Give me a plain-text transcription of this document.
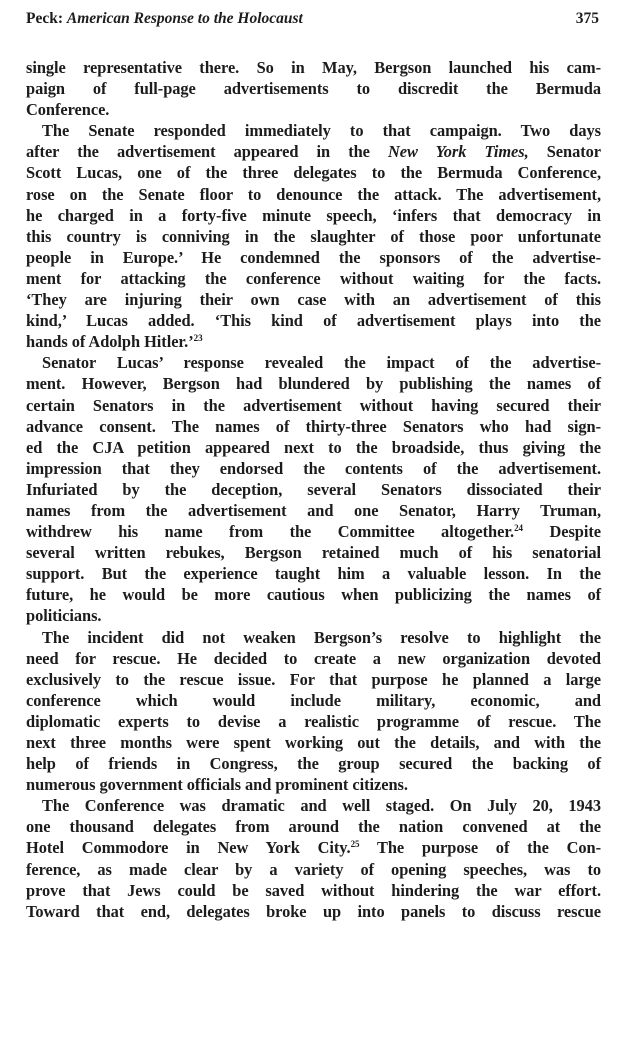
Peck: American Response to the Holocaust	375
single representative there. So in May, Bergson launched his cam-
paign of full-page advertisements to discredit the Bermuda
Conference.
The Senate responded immediately to that campaign. Two days
after the advertisement appeared in the New York Times, Senator
Scott Lucas, one of the three delegates to the Bermuda Conference,
rose on the Senate floor to denounce the attack. The advertisement,
he charged in a forty-five minute speech, ‘infers that democracy in
this country is conniving in the slaughter of those poor unfortunate
people in Europe.’ He condemned the sponsors of the advertise-
ment for attacking the conference without waiting for the facts.
‘They are injuring their own case with an advertisement of this
kind,’ Lucas added. ‘This kind of advertisement plays into the
hands of Adolph Hitler.’$^{23}$
Senator Lucas’ response revealed the impact of the advertise-
ment. However, Bergson had blundered by publishing the names of
certain Senators in the advertisement without having secured their
advance consent. The names of thirty-three Senators who had sign-
ed the CJA petition appeared next to the broadside, thus giving the
impression that they endorsed the contents of the advertisement.
Infuriated by the deception, several Senators dissociated their
names from the advertisement and one Senator, Harry Truman,
withdrew his name from the Committee altogether.$^{24}$ Despite
several written rebukes, Bergson retained much of his senatorial
support. But the experience taught him a valuable lesson. In the
future, he would be more cautious when publicizing the names of
politicians.
The incident did not weaken Bergson’s resolve to highlight the
need for rescue. He decided to create a new organization devoted
exclusively to the rescue issue. For that purpose he planned a large
conference which would include military, economic, and
diplomatic experts to devise a realistic programme of rescue. The
next three months were spent working out the details, and with the
help of friends in Congress, the group secured the backing of
numerous government officials and prominent citizens.
The Conference was dramatic and well staged. On July 20, 1943
one thousand delegates from around the nation convened at the
Hotel Commodore in New York City.$^{25}$ The purpose of the Con-
ference, as made clear by a variety of opening speeches, was to
prove that Jews could be saved without hindering the war effort.
Toward that end, delegates broke up into panels to discuss rescue
